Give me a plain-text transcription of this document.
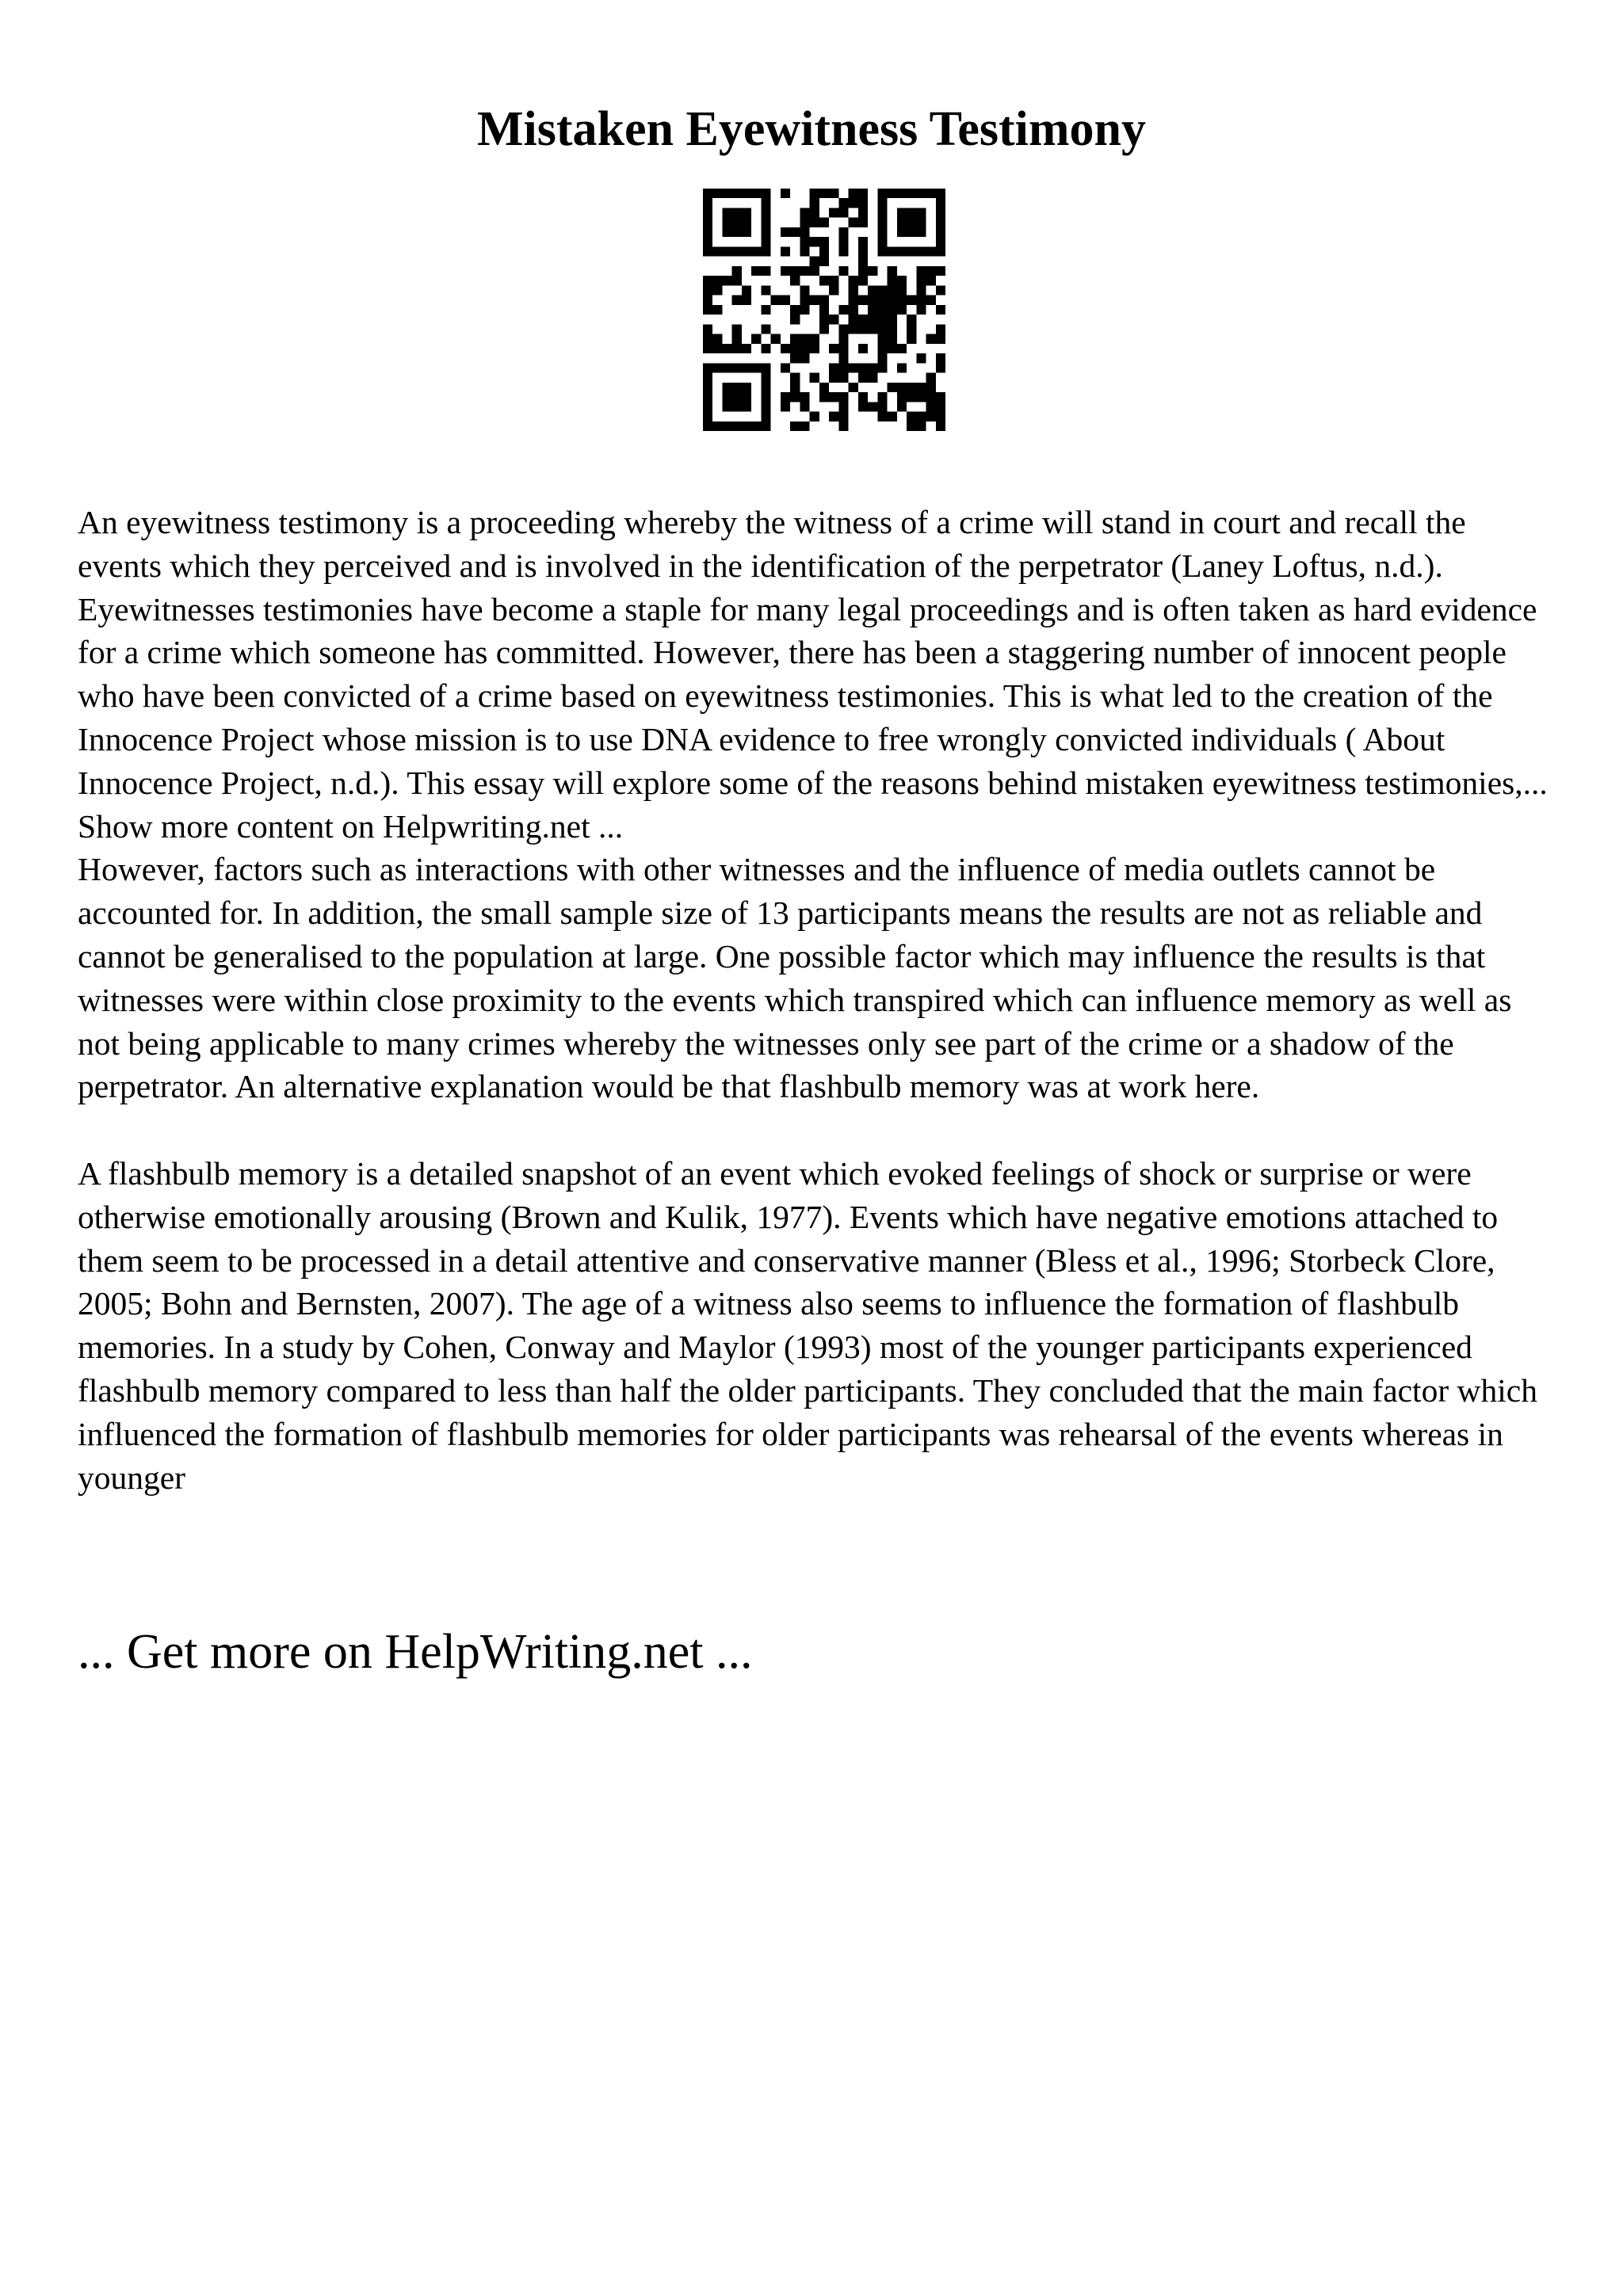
Mistaken Eyewitness Testimony

An eyewitness testimony is a proceeding whereby the witness of a crime will stand in court and recall the events which they perceived and is involved in the identification of the perpetrator (Laney Loftus, n.d.). Eyewitnesses testimonies have become a staple for many legal proceedings and is often taken as hard evidence for a crime which someone has committed. However, there has been a staggering number of innocent people who have been convicted of a crime based on eyewitness testimonies. This is what led to the creation of the Innocence Project whose mission is to use DNA evidence to free wrongly convicted individuals ( About Innocence Project, n.d.). This essay will explore some of the reasons behind mistaken eyewitness testimonies,... Show more content on Helpwriting.net ...

However, factors such as interactions with other witnesses and the influence of media outlets cannot be accounted for. In addition, the small sample size of 13 participants means the results are not as reliable and cannot be generalised to the population at large. One possible factor which may influence the results is that witnesses were within close proximity to the events which transpired which can influence memory as well as not being applicable to many crimes whereby the witnesses only see part of the crime or a shadow of the perpetrator. An alternative explanation would be that flashbulb memory was at work here.

A flashbulb memory is a detailed snapshot of an event which evoked feelings of shock or surprise or were otherwise emotionally arousing (Brown and Kulik, 1977). Events which have negative emotions attached to them seem to be processed in a detail attentive and conservative manner (Bless et al., 1996; Storbeck Clore, 2005; Bohn and Bernsten, 2007). The age of a witness also seems to influence the formation of flashbulb memories. In a study by Cohen, Conway and Maylor (1993) most of the younger participants experienced flashbulb memory compared to less than half the older participants. They concluded that the main factor which influenced the formation of flashbulb memories for older participants was rehearsal of the events whereas in younger

... Get more on HelpWriting.net ...
